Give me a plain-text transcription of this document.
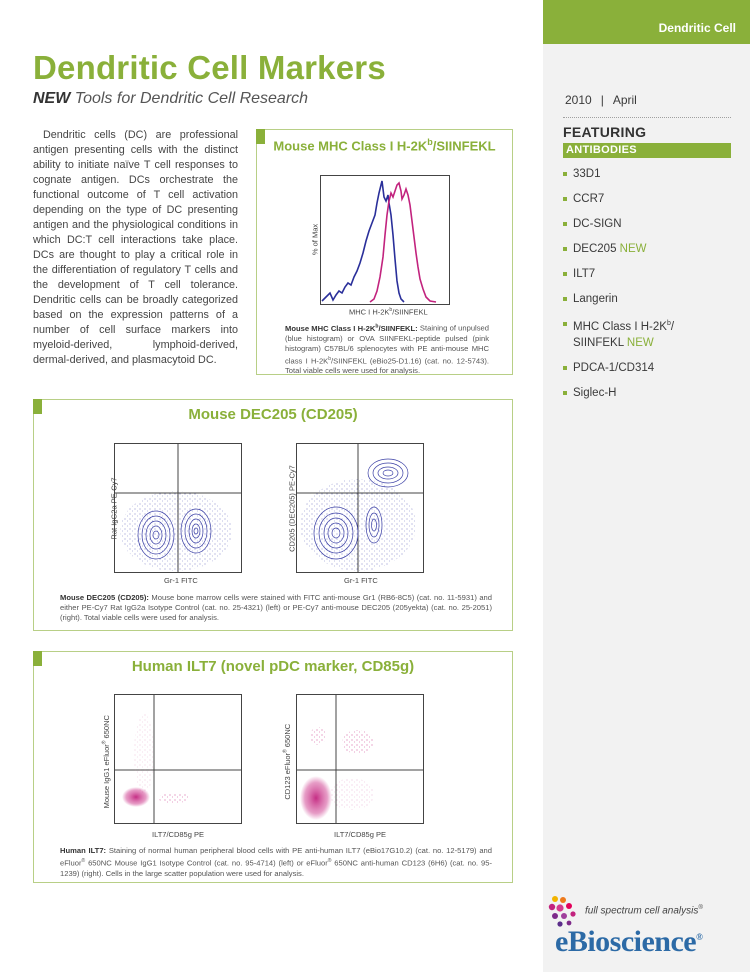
Dendritic Cell
2010 | April
FEATURING
ANTIBODIES
33D1
CCR7
DC-SIGN
DEC205 NEW
ILT7
Langerin
MHC Class I $H-2K^b/$
SIINFEKL NEW
PDCA-1/CD314
Siglec-H
Dendritic Cell Markers
NEW Tools for Dendritic Cell Research

Dendritic cells (DC) are professional antigen presenting cells with the distinct ability to initiate naïve T cell responses to cognate antigen. DCs orchestrate the functional outcome of T cell activation depending on the type of DC presenting antigen and the physiological conditions in which DC:T cell interactions take place. DCs are thought to play a critical role in the differentiation of regulatory T cells and the development of T cell tolerance. Dendritic cells can be broadly categorized based on the expression patterns of a number of cell surface markers into myeloid-derived, lymphoid-derived, dermal-derived, and plasmacytoid DC.

Mouse MHC Class I $H-2K^b$/SIINFEKL
% of Max
MHC I $H-2K^b$/SIINFEKL
Mouse MHC Class I $H-2K^b$/SIINFEKL: Staining of unpulsed (blue histogram) or OVA SIINFEKL-peptide pulsed (pink histogram) C57BL/6 splenocytes with PE anti-mouse MHC class I $H-2K^b$/SIINFEKL (eBio25-D1.16) (cat. no. 12-5743). Total viable cells were used for analysis.
Mouse DEC205 (CD205)
Rat IgG2a PE-Cy7
Gr-1 FITC
CD205 (DEC205) PE-Cy7
Gr-1 FITC
Mouse DEC205 (CD205): Mouse bone marrow cells were stained with FITC anti-mouse Gr1 (RB6-8C5) (cat. no. 11-5931) and either PE-Cy7 Rat IgG2a Isotype Control (cat. no. 25-4321) (left) or PE-Cy7 anti-mouse DEC205 (205yekta) (cat. no. 25-2051) (right). Total viable cells were used for analysis.
Human ILT7 (novel pDC marker, CD85g)
Mouse IgG1 eFluor® 650NC
ILT7/CD85g PE
CD123 eFluor® 650NC
ILT7/CD85g PE
Human ILT7: Staining of normal human peripheral blood cells with PE anti-human ILT7 (eBio17G10.2) (cat. no. 12-5179) and eFluor® 650NC Mouse IgG1 Isotype Control (cat. no. 95-4714) (left) or eFluor® 650NC anti-human CD123 (6H6) (cat. no. 95-1239) (right). Cells in the large scatter population were used for analysis.
full spectrum cell analysis®
eBioscience®
